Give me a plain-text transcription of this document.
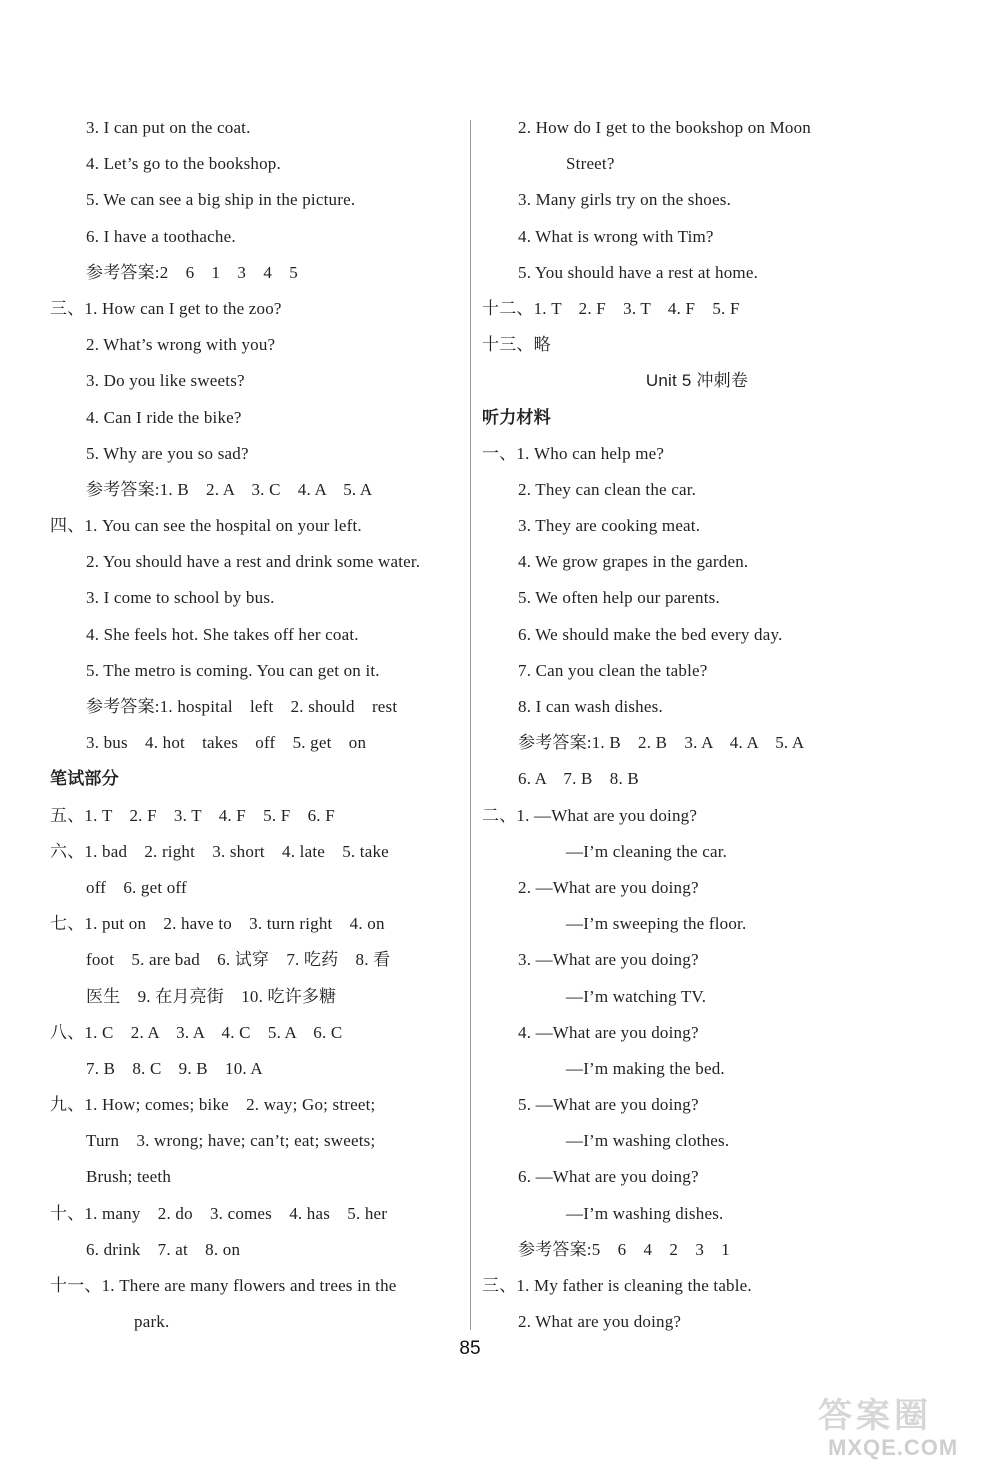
3. I can put on the coat.
4. Let’s go to the bookshop.
5. We can see a big ship in the picture.
6. I have a toothache.
参考答案:2　6　1　3　4　5
三、1. How can I get to the zoo?
2. What’s wrong with you?
3. Do you like sweets?
4. Can I ride the bike?
5. Why are you so sad?
参考答案:1. B　2. A　3. C　4. A　5. A
四、1. You can see the hospital on your left.
2. You should have a rest and drink some water.
3. I come to school by bus.
4. She feels hot. She takes off her coat.
5. The metro is coming. You can get on it.
参考答案:1. hospital　left　2. should　rest
3. bus　4. hot　takes　off　5. get　on
笔试部分
五、1. T　2. F　3. T　4. F　5. F　6. F
六、1. bad　2. right　3. short　4. late　5. take
off　6. get off
七、1. put on　2. have to　3. turn right　4. on
foot　5. are bad　6. 试穿　7. 吃药　8. 看
医生　9. 在月亮街　10. 吃许多糖
八、1. C　2. A　3. A　4. C　5. A　6. C
7. B　8. C　9. B　10. A
九、1. How; comes; bike　2. way; Go; street;
Turn　3. wrong; have; can’t; eat; sweets;
Brush; teeth
十、1. many　2. do　3. comes　4. has　5. her
6. drink　7. at　8. on
十一、1. There are many flowers and trees in the
park.
2. How do I get to the bookshop on Moon
Street?
3. Many girls try on the shoes.
4. What is wrong with Tim?
5. You should have a rest at home.
十二、1. T　2. F　3. T　4. F　5. F
十三、略
Unit 5 冲刺卷
听力材料
一、1. Who can help me?
2. They can clean the car.
3. They are cooking meat.
4. We grow grapes in the garden.
5. We often help our parents.
6. We should make the bed every day.
7. Can you clean the table?
8. I can wash dishes.
参考答案:1. B　2. B　3. A　4. A　5. A
6. A　7. B　8. B
二、1. —What are you doing?
—I’m cleaning the car.
2. —What are you doing?
—I’m sweeping the floor.
3. —What are you doing?
—I’m watching TV.
4. —What are you doing?
—I’m making the bed.
5. —What are you doing?
—I’m washing clothes.
6. —What are you doing?
—I’m washing dishes.
参考答案:5　6　4　2　3　1
三、1. My father is cleaning the table.
2. What are you doing?
85
答案圈
MXQE.COM
